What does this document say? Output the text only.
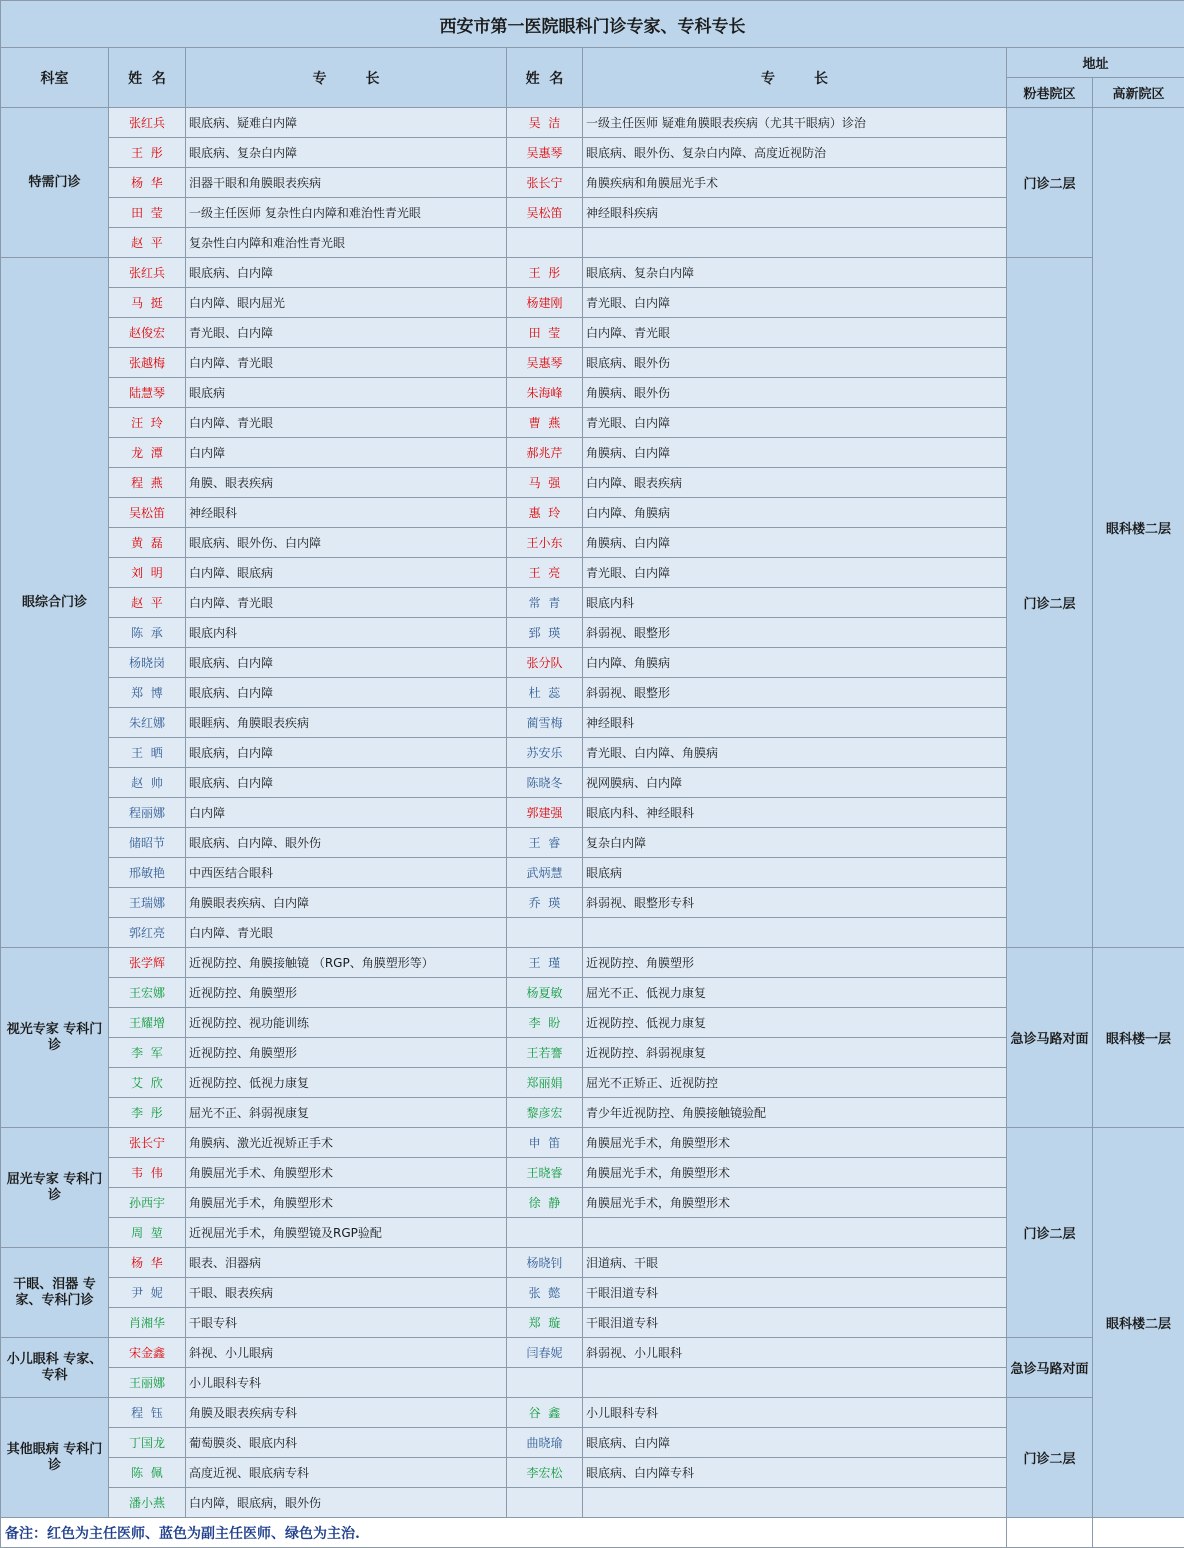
西安市第一医院眼科门诊专家、专科专长						
科室	姓  名	专        长	姓  名	专        长	地址	
					粉巷院区	高新院区
特需门诊	张红兵	眼底病、疑难白内障	吴  洁	一级主任医师 疑难角膜眼表疾病（尤其干眼病）诊治	门诊二层	眼科楼二层
	王  彤	眼底病、复杂白内障	吴惠琴	眼底病、眼外伤、复杂白内障、高度近视防治		
	杨  华	泪器干眼和角膜眼表疾病	张长宁	角膜疾病和角膜屈光手术		
	田  莹	一级主任医师 复杂性白内障和难治性青光眼	吴松笛	神经眼科疾病		
	赵  平	复杂性白内障和难治性青光眼				
眼综合门诊	张红兵	眼底病、白内障	王  彤	眼底病、复杂白内障	门诊二层	
	马  挺	白内障、眼内屈光	杨建刚	青光眼、白内障		
	赵俊宏	青光眼、白内障	田  莹	白内障、青光眼		
	张越梅	白内障、青光眼	吴惠琴	眼底病、眼外伤		
	陆慧琴	眼底病	朱海峰	角膜病、眼外伤		
	汪  玲	白内障、青光眼	曹  燕	青光眼、白内障		
	龙  潭	白内障	郝兆芹	角膜病、白内障		
	程  燕	角膜、眼表疾病	马  强	白内障、眼表疾病		
	吴松笛	神经眼科	惠  玲	白内障、角膜病		
	黄  磊	眼底病、眼外伤、白内障	王小东	角膜病、白内障		
	刘  明	白内障、眼底病	王  亮	青光眼、白内障		
	赵  平	白内障、青光眼	常  青	眼底内科		
	陈  承	眼底内科	郅  瑛	斜弱视、眼整形		
	杨晓岗	眼底病、白内障	张分队	白内障、角膜病		
	郑  博	眼底病、白内障	杜  蕊	斜弱视、眼整形		
	朱红娜	眼睚病、角膜眼表疾病	蔺雪梅	神经眼科		
	王  晒	眼底病，白内障	苏安乐	青光眼、白内障、角膜病		
	赵  帅	眼底病、白内障	陈晓冬	视网膜病、白内障		
	程丽娜	白内障	郭建强	眼底内科、神经眼科		
	储昭节	眼底病、白内障、眼外伤	王  睿	复杂白内障		
	邢敏艳	中西医结合眼科	武炳慧	眼底病		
	王瑞娜	角膜眼表疾病、白内障	乔  瑛	斜弱视、眼整形专科		
	郭红亮	白内障、青光眼				
视光专家 专科门诊	张学辉	近视防控、角膜接触镜 （RGP、角膜塑形等）	王  瑾	近视防控、角膜塑形	急诊马路对面	眼科楼一层
	王宏娜	近视防控、角膜塑形	杨夏敏	屈光不正、低视力康复		
	王耀增	近视防控、视功能训练	李  盼	近视防控、低视力康复		
	李  军	近视防控、角膜塑形	王若謇	近视防控、斜弱视康复		
	艾  欣	近视防控、低视力康复	郑丽娟	屈光不正矫正、近视防控		
	李  彤	屈光不正、斜弱视康复	黎彦宏	青少年近视防控、角膜接触镜验配		
屈光专家 专科门诊	张长宁	角膜病、激光近视矫正手术	申  笛	角膜屈光手术，角膜塑形术	门诊二层	眼科楼二层
	韦  伟	角膜屈光手术、角膜塑形术	王晓睿	角膜屈光手术，角膜塑形术		
	孙西宇	角膜屈光手术，角膜塑形术	徐  静	角膜屈光手术，角膜塑形术		
	周  堃	近视屈光手术，角膜塑镜及RGP验配				
干眼、泪器 专家、专科门诊	杨  华	眼表、泪器病	杨晓钊	泪道病、干眼		
	尹  妮	干眼、眼表疾病	张  懿	干眼泪道专科		
	肖湘华	干眼专科	郑  璇	干眼泪道专科		
小儿眼科 专家、专科	宋金鑫	斜视、小儿眼病	闫春妮	斜弱视、小儿眼科	急诊马路对面	
	王丽娜	小儿眼科专科				
其他眼病 专科门诊	程  钰	角膜及眼表疾病专科	谷  鑫	小儿眼科专科	门诊二层	
	丁国龙	葡萄膜炎、眼底内科	曲晓瑜	眼底病、白内障		
	陈  佩	高度近视、眼底病专科	李宏松	眼底病、白内障专科		
	潘小燕	白内障，眼底病，眼外伤				
备注：红色为主任医师、蓝色为副主任医师、绿色为主治.						
